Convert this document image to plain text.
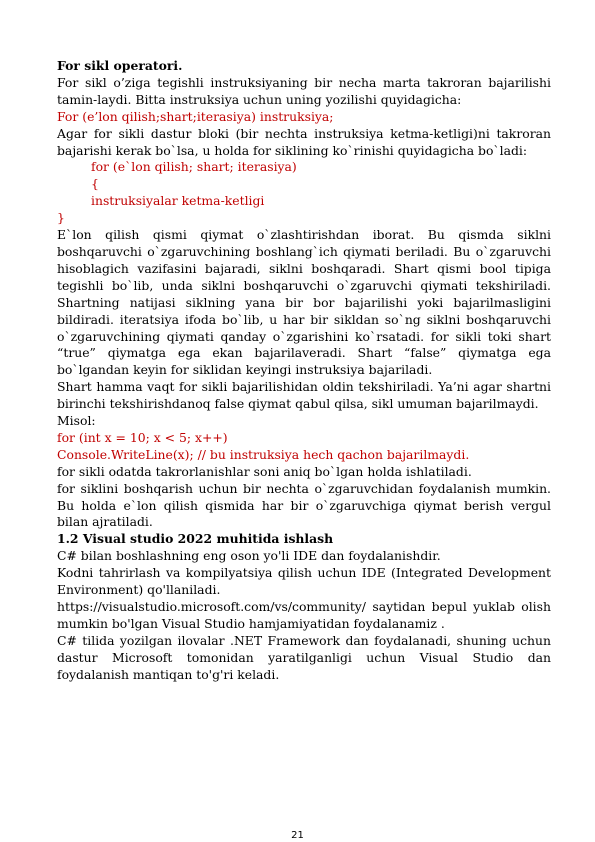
For sikl operatori.

For sikl o’ziga tegishli instruksiyaning bir necha marta takroran bajarilishi tamin-laydi. Bitta instruksiya uchun uning yozilishi quyidagicha:

For (e’lon qilish;shart;iterasiya) instruksiya;

Agar for sikli dastur bloki (bir nechta instruksiya ketma-ketligi)ni takroran bajarishi kerak bo`lsa, u holda for siklining ko`rinishi quyidagicha bo`ladi:

for (e`lon qilish; shart; iterasiya)

{

instruksiyalar ketma-ketligi

}

E`lon qilish qismi qiymat o`zlashtirishdan iborat. Bu qismda siklni boshqaruvchi o`zgaruvchining boshlang`ich qiymati beriladi. Bu o`zgaruvchi hisoblagich vazifasini bajaradi, siklni boshqaradi. Shart qismi bool tipiga tegishli bo`lib, unda siklni boshqaruvchi o`zgaruvchi qiymati tekshiriladi. Shartning natijasi siklning yana bir bor bajarilishi yoki bajarilmasligini bildiradi. iteratsiya ifoda bo`lib, u har bir sikldan so`ng siklni boshqaruvchi o`zgaruvchining qiymati qanday o`zgarishini ko`rsatadi. for sikli toki shart “true” qiymatga ega ekan bajarilaveradi. Shart “false” qiymatga ega bo`lgandan keyin for siklidan keyingi instruksiya bajariladi.

Shart hamma vaqt for sikli bajarilishidan oldin tekshiriladi. Ya’ni agar shartni birinchi tekshirishdanoq false qiymat qabul qilsa, sikl umuman bajarilmaydi.

Misol:

for (int x = 10; x < 5; x++)

Console.WriteLine(x); // bu instruksiya hech qachon bajarilmaydi.

for sikli odatda takrorlanishlar soni aniq bo`lgan holda ishlatiladi.

for siklini boshqarish uchun bir nechta o`zgaruvchidan foydalanish mumkin. Bu holda e`lon qilish qismida har bir o`zgaruvchiga qiymat berish vergul bilan ajratiladi.

1.2 Visual studio 2022 muhitida ishlash

C# bilan boshlashning eng oson yo'li IDE dan foydalanishdir.

Kodni tahrirlash va kompilyatsiya qilish uchun IDE (Integrated Development Environment) qo'llaniladi.

https://visualstudio.microsoft.com/vs/community/ saytidan bepul yuklab olish mumkin bo'lgan Visual Studio hamjamiyatidan foydalanamiz .

C# tilida yozilgan ilovalar .NET Framework dan foydalanadi, shuning uchun dastur Microsoft tomonidan yaratilganligi uchun Visual Studio dan foydalanish mantiqan to'g'ri keladi.

21
